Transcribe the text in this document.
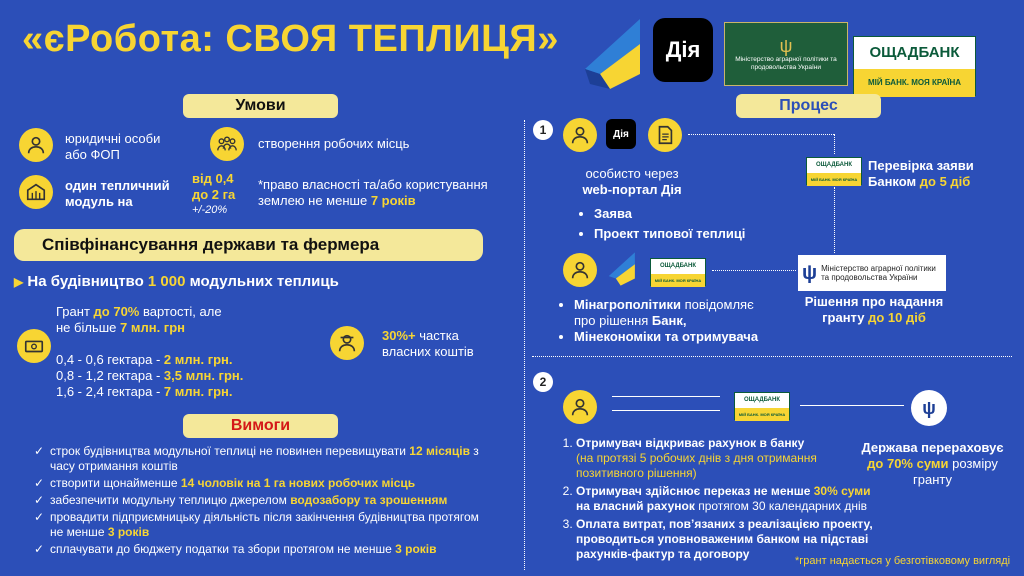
«єРобота: СВОЯ ТЕПЛИЦЯ»	Дія	ψ
Міністерство аграрної політики та продовольства України
ОЩАДБАНК
МІЙ БАНК. МОЯ КРАЇНА
Умови
юридичні особи або ФОП
створення робочих місць
один тепличний модуль на
від 0,4 до 2 га
+/-20%
*право власності та/або користування землею не менше 7 років
Співфінансування держави та фермера
▶ На будівництво 1 000 модульних теплиць
Грант до 70% вартості, але не більше 7 млн. грн
0,4 - 0,6 гектара - 2 млн. грн.
0,8 - 1,2 гектара - 3,5 млн. грн.
1,6 - 2,4 гектара - 7 млн. грн.
30%+ частка власних коштів
Вимоги
✓ строк будівництва модульної теплиці не повинен перевищувати 12 місяців з часу отримання коштів
✓ створити щонайменше 14 чоловік на 1 га нових робочих місць
✓ забезпечити модульну теплицю джерелом водозабору та зрошенням
✓ провадити підприємницьку діяльність після закінчення будівництва протягом не менше 3 років
✓ сплачувати до бюджету податки та збори протягом не менше 3 років
Процес
1	Дія
особисто через
web-портал Дія
• Заява
• Проект типової теплиці
ОЩАДБАНК
МІЙ БАНК. МОЯ КРАЇНА
Перевірка заяви Банком до 5 діб
ψ Міністерство аграрної політики та продовольства України
Рішення про надання гранту до 10 діб
ОЩАДБАНК
МІЙ БАНК. МОЯ КРАЇНА
• Мінагрополітики повідомляє про рішення Банк,
• Мінекономіки та отримувача
2
ОЩАДБАНК
МІЙ БАНК. МОЯ КРАЇНА	ψ
1. Отримувач відкриває рахунок в банку
(на протязі 5 робочих днів з дня отримання позитивного рішення)
2. Отримувач здійснює переказ не менше 30% суми на власний рахунок протягом 30 календарних днів
3. Оплата витрат, пов’язаних з реалізацією проекту, проводиться уповноваженим банком на підставі рахунків-фактур та договору
Держава перераховує до 70% суми розміру гранту
*грант надається у безготівковому вигляді
